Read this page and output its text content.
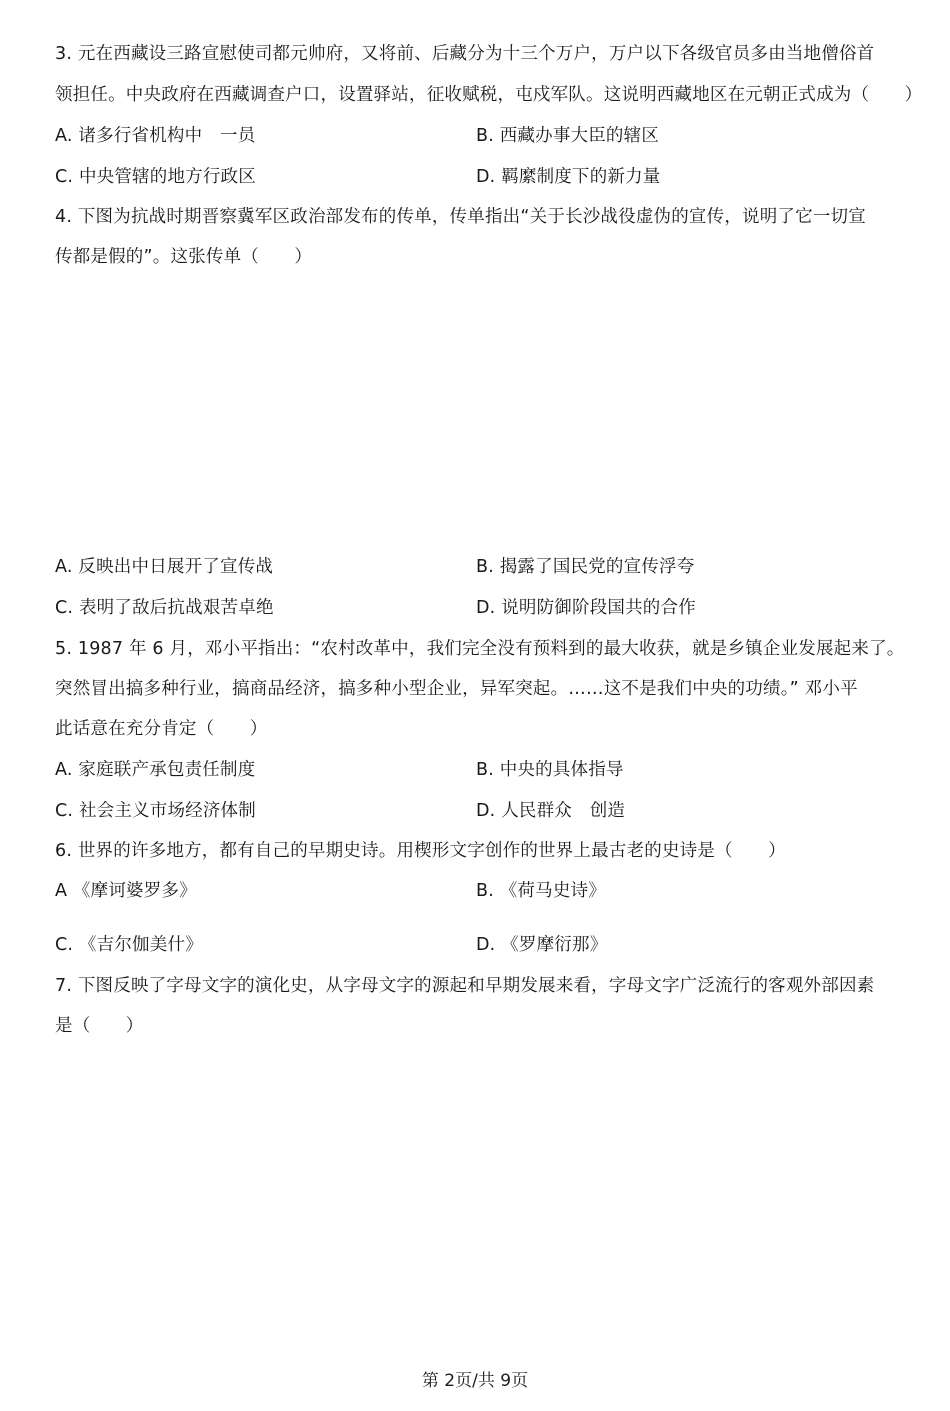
3. 元在西藏设三路宣慰使司都元帅府，又将前、后藏分为十三个万户，万户以下各级官员多由当地僧俗首
领担任。中央政府在西藏调查户口，设置驿站，征收赋税，屯戍军队。这说明西藏地区在元朝正式成为（　　）
A. 诸多行省机构中　一员	B. 西藏办事大臣的辖区
C. 中央管辖的地方行政区	D. 羁縻制度下的新力量
4. 下图为抗战时期晋察冀军区政治部发布的传单，传单指出“关于长沙战役虚伪的宣传，说明了它一切宣
传都是假的”。这张传单（　　）
A. 反映出中日展开了宣传战	B. 揭露了国民党的宣传浮夸
C. 表明了敌后抗战艰苦卓绝	D. 说明防御阶段国共的合作
5. 1987 年 6 月，邓小平指出：“农村改革中，我们完全没有预料到的最大收获，就是乡镇企业发展起来了。
突然冒出搞多种行业，搞商品经济，搞多种小型企业，异军突起。……这不是我们中央的功绩。” 邓小平
此话意在充分肯定（　　）
A. 家庭联产承包责任制度	B. 中央的具体指导
C. 社会主义市场经济体制	D. 人民群众　创造
6. 世界的许多地方，都有自己的早期史诗。用楔形文字创作的世界上最古老的史诗是（　　）
A 《摩诃婆罗多》	B. 《荷马史诗》
C. 《吉尔伽美什》	D. 《罗摩衍那》
7. 下图反映了字母文字的演化史，从字母文字的源起和早期发展来看，字母文字广泛流行的客观外部因素
是（　　）
第 2页/共 9页
